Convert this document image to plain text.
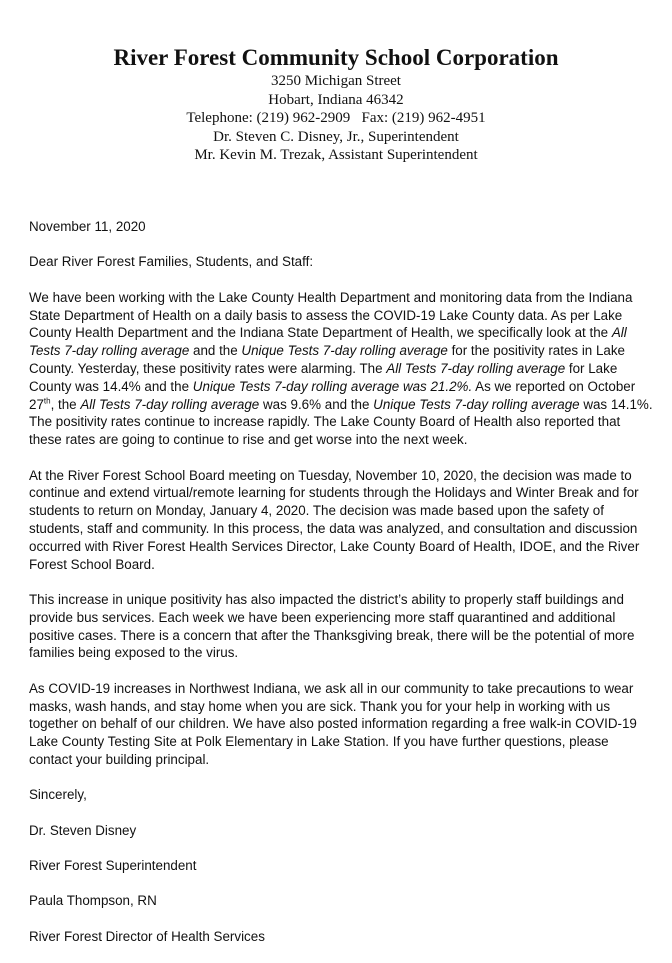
River Forest Community School Corporation

3250 Michigan Street

Hobart, Indiana 46342

Telephone: (219) 962-2909   Fax: (219) 962-4951

Dr. Steven C. Disney, Jr., Superintendent

Mr. Kevin M. Trezak, Assistant Superintendent

November 11, 2020

Dear River Forest Families, Students, and Staff:

We have been working with the Lake County Health Department and monitoring data from the Indiana State Department of Health on a daily basis to assess the COVID-19 Lake County data. As per Lake County Health Department and the Indiana State Department of Health, we specifically look at the All Tests 7-day rolling average and the Unique Tests 7-day rolling average for the positivity rates in Lake County. Yesterday, these positivity rates were alarming. The All Tests 7-day rolling average for Lake County was 14.4% and the Unique Tests 7-day rolling average was 21.2%. As we reported on October 27th, the All Tests 7-day rolling average was 9.6% and the Unique Tests 7-day rolling average was 14.1%. The positivity rates continue to increase rapidly. The Lake County Board of Health also reported that these rates are going to continue to rise and get worse into the next week.

At the River Forest School Board meeting on Tuesday, November 10, 2020, the decision was made to continue and extend virtual/remote learning for students through the Holidays and Winter Break and for students to return on Monday, January 4, 2020. The decision was made based upon the safety of students, staff and community. In this process, the data was analyzed, and consultation and discussion occurred with River Forest Health Services Director, Lake County Board of Health, IDOE, and the River Forest School Board.

This increase in unique positivity has also impacted the district’s ability to properly staff buildings and provide bus services. Each week we have been experiencing more staff quarantined and additional positive cases. There is a concern that after the Thanksgiving break, there will be the potential of more families being exposed to the virus.

As COVID-19 increases in Northwest Indiana, we ask all in our community to take precautions to wear masks, wash hands, and stay home when you are sick. Thank you for your help in working with us together on behalf of our children. We have also posted information regarding a free walk-in COVID-19 Lake County Testing Site at Polk Elementary in Lake Station. If you have further questions, please contact your building principal.

Sincerely,

Dr. Steven Disney

River Forest Superintendent

Paula Thompson, RN

River Forest Director of Health Services
